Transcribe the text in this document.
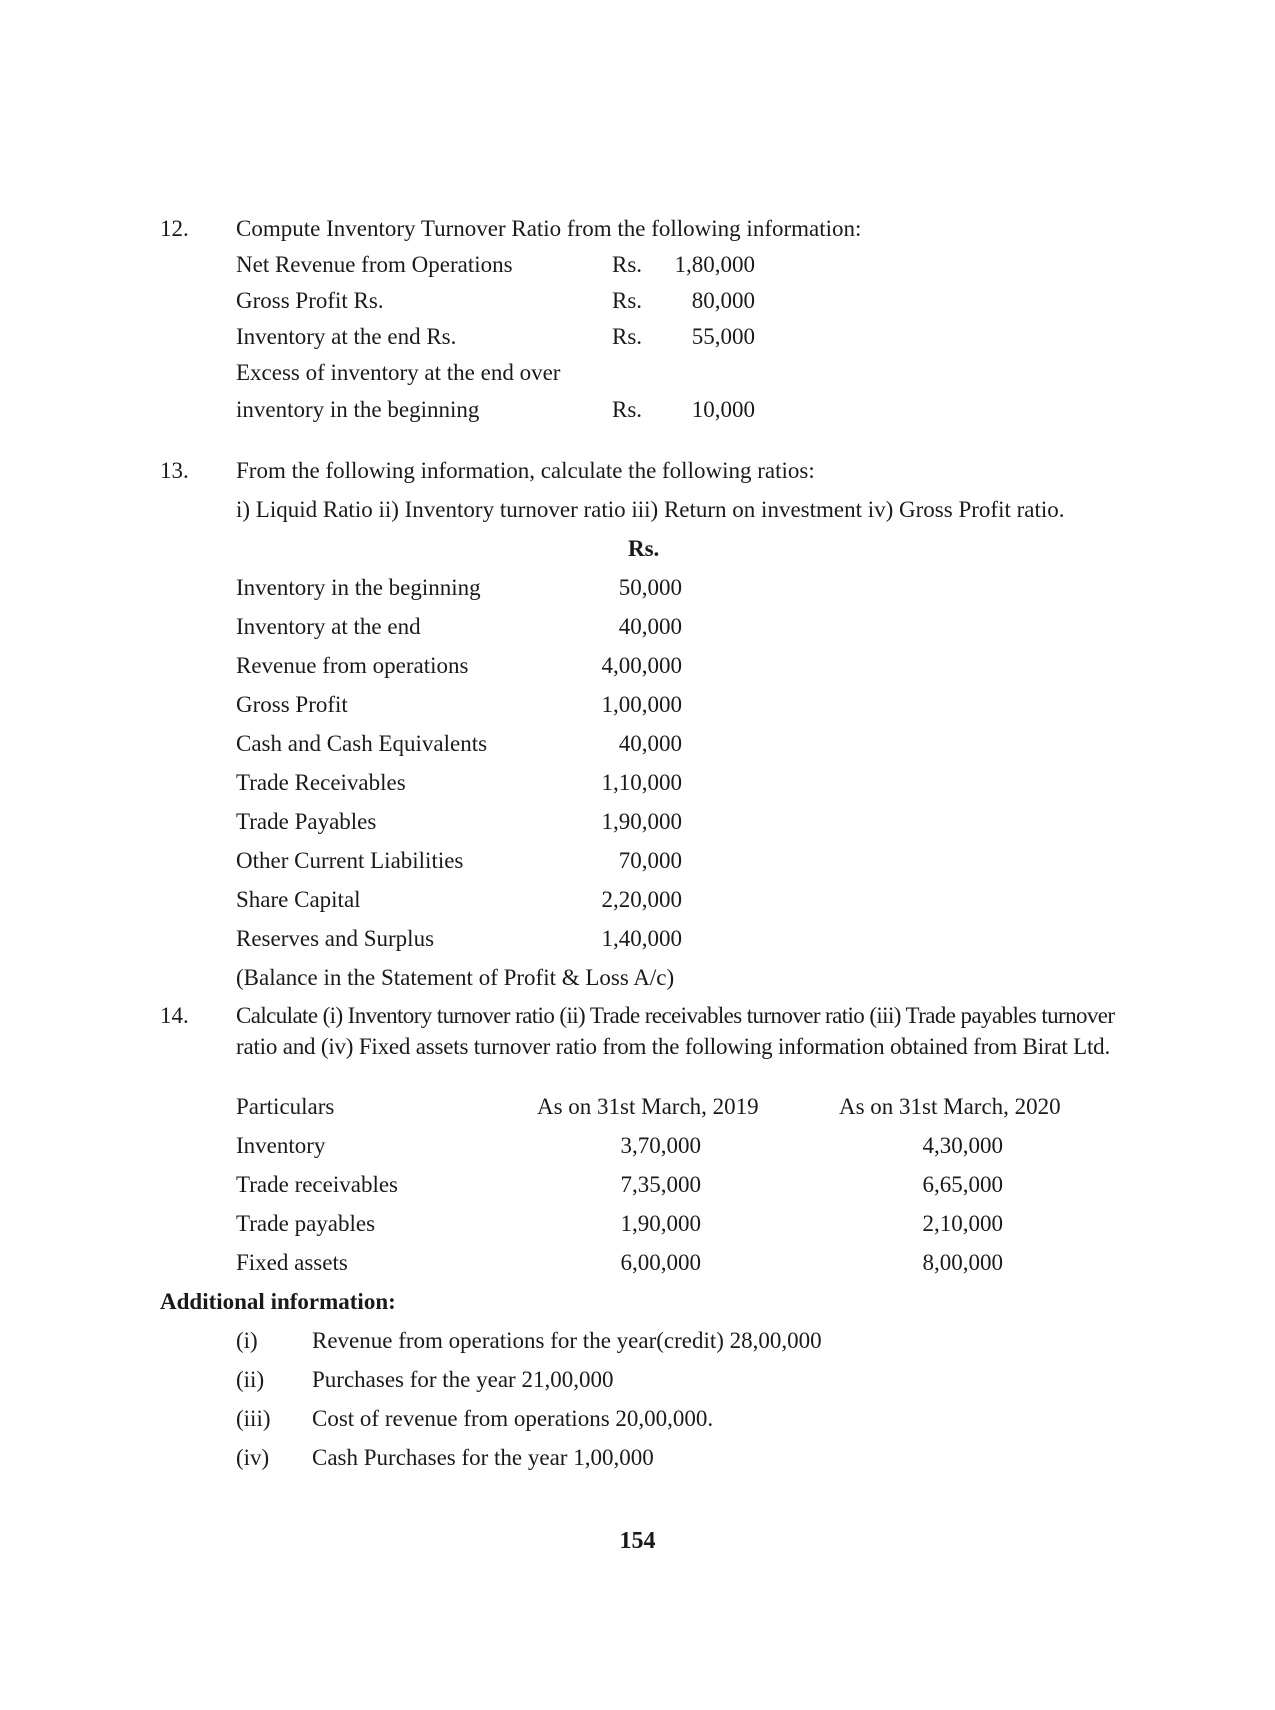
12. Compute Inventory Turnover Ratio from the following information:
Net Revenue from Operations	Rs.	1,80,000
Gross Profit Rs.	Rs.	80,000
Inventory at the end Rs.	Rs.	55,000
Excess of inventory at the end over
inventory in the beginning	Rs.	10,000
13. From the following information, calculate the following ratios:
i) Liquid Ratio ii) Inventory turnover ratio iii) Return on investment iv) Gross Profit ratio.
Rs.
Inventory in the beginning	50,000
Inventory at the end	40,000
Revenue from operations	4,00,000
Gross Profit	1,00,000
Cash and Cash Equivalents	40,000
Trade Receivables	1,10,000
Trade Payables	1,90,000
Other Current Liabilities	70,000
Share Capital	2,20,000
Reserves and Surplus	1,40,000
(Balance in the Statement of Profit & Loss A/c)
14. Calculate (i) Inventory turnover ratio (ii) Trade receivables turnover ratio (iii) Trade payables turnover
ratio and (iv) Fixed assets turnover ratio from the following information obtained from Birat Ltd.
Particulars	As on 31st March, 2019	As on 31st March, 2020
Inventory	3,70,000	4,30,000
Trade receivables	7,35,000	6,65,000
Trade payables	1,90,000	2,10,000
Fixed assets	6,00,000	8,00,000
Additional information:
(i) Revenue from operations for the year(credit) 28,00,000
(ii) Purchases for the year 21,00,000
(iii) Cost of revenue from operations 20,00,000.
(iv) Cash Purchases for the year 1,00,000
154
